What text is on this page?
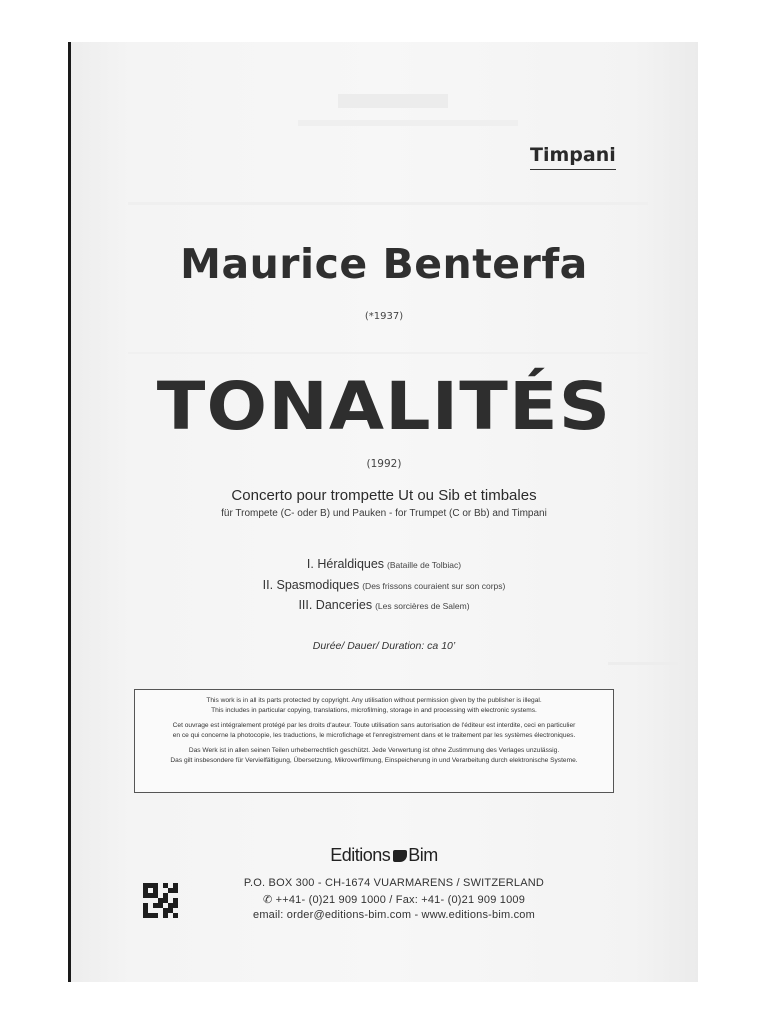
Timpani
Maurice Benterfa
(*1937)
TONALITÉS
(1992)
Concerto pour trompette Ut ou Sib et timbales
für Trompete (C- oder B) und Pauken - for Trumpet (C or Bb) and Timpani
I. Héraldiques (Bataille de Tolbiac)
II. Spasmodiques (Des frissons couraient sur son corps)
III. Danceries (Les sorcières de Salem)
Durée/ Dauer/ Duration: ca 10’

This work is in all its parts protected by copyright. Any utilisation without permission given by the publisher is illegal.
This includes in particular copying, translations, microfilming, storage in and processing with electronic systems.

Cet ouvrage est intégralement protégé par les droits d'auteur. Toute utilisation sans autorisation de l'éditeur est interdite, ceci en particulier
en ce qui concerne la photocopie, les traductions, le microfichage et l'enregistrement dans et le traitement par les systèmes électroniques.

Das Werk ist in allen seinen Teilen urheberrechtlich geschützt. Jede Verwertung ist ohne Zustimmung des Verlages unzulässig.
Das gilt insbesondere für Vervielfältigung, Übersetzung, Mikroverfilmung, Einspeicherung in und Verarbeitung durch elektronische Systeme.

Editions Bim
P.O. BOX 300 - CH-1674 VUARMARENS / SWITZERLAND
✆ ++41- (0)21 909 1000 / Fax: +41- (0)21 909 1009
email: order@editions-bim.com - www.editions-bim.com
